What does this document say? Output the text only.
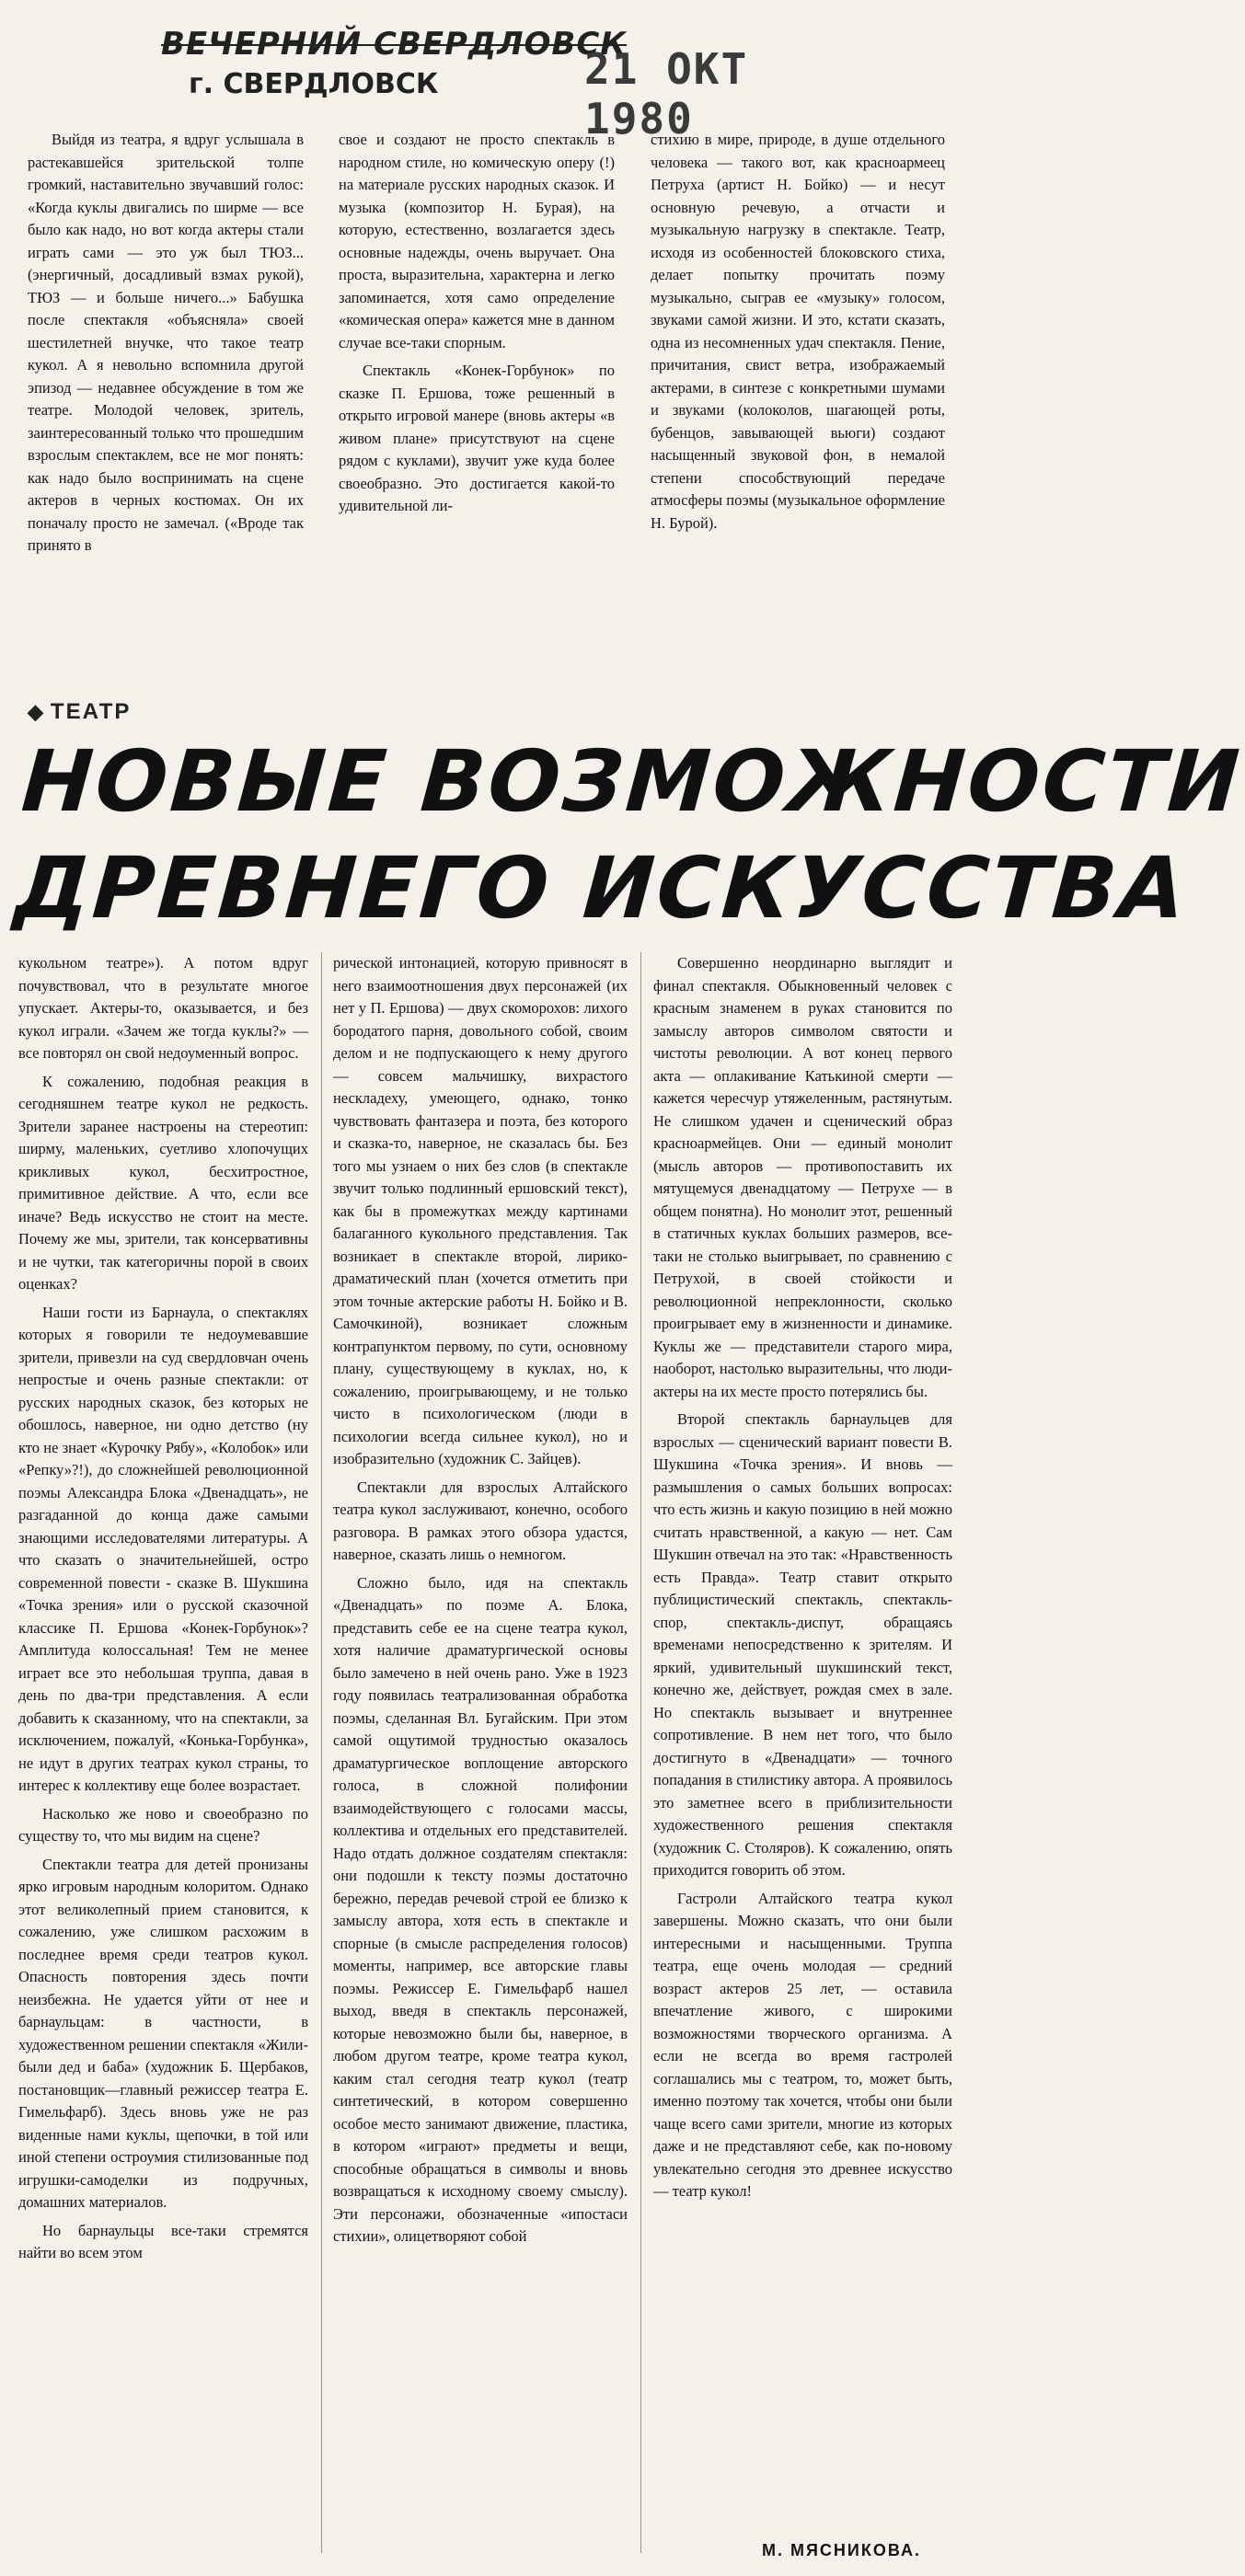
ВЕЧЕРНИЙ СВЕРДЛОВСК
г. СВЕРДЛОВСК	21 ОКТ 1980

Выйдя из театра, я вдруг услышала в растекавшейся зрительской толпе громкий, наставительно звучавший голос: «Когда куклы двигались по ширме — все было как надо, но вот когда актеры стали играть сами — это уж был ТЮЗ... (энергичный, досадливый взмах рукой), ТЮЗ — и больше ничего...» Бабушка после спектакля «объясняла» своей шестилетней внучке, что такое театр кукол. А я невольно вспомнила другой эпизод — недавнее обсуждение в том же театре. Молодой человек, зритель, заинтересованный только что прошедшим взрослым спектаклем, все не мог понять: как надо было воспринимать на сцене актеров в черных костюмах. Он их поначалу просто не замечал. («Вроде так принято в

свое и создают не просто спектакль в народном стиле, но комическую оперу (!) на материале русских народных сказок. И музыка (композитор Н. Бурая), на которую, естественно, возлагается здесь основные надежды, очень выручает. Она проста, выразительна, характерна и легко запоминается, хотя само определение «комическая опера» кажется мне в данном случае все-таки спорным.

Спектакль «Конек-Горбунок» по сказке П. Ершова, тоже решенный в открыто игровой манере (вновь актеры «в живом плане» присутствуют на сцене рядом с куклами), звучит уже куда более своеобразно. Это достигается какой-то удивительной ли-

стихию в мире, природе, в душе отдельного человека — такого вот, как красноармеец Петруха (артист Н. Бойко) — и несут основную речевую, а отчасти и музыкальную нагрузку в спектакле. Театр, исходя из особенностей блоковского стиха, делает попытку прочитать поэму музыкально, сыграв ее «музыку» голосом, звуками самой жизни. И это, кстати сказать, одна из несомненных удач спектакля. Пение, причитания, свист ветра, изображаемый актерами, в синтезе с конкретными шумами и звуками (колоколов, шагающей роты, бубенцов, завывающей вьюги) создают насыщенный звуковой фон, в немалой степени способствующий передаче атмосферы поэмы (музыкальное оформление Н. Бурой).

◆ ТЕАТР
НОВЫЕ ВОЗМОЖНОСТИ
ДРЕВНЕГО ИСКУССТВА

кукольном театре»). А потом вдруг почувствовал, что в результате многое упускает. Актеры-то, оказывается, и без кукол играли. «Зачем же тогда куклы?» — все повторял он свой недоуменный вопрос.

К сожалению, подобная реакция в сегодняшнем театре кукол не редкость. Зрители заранее настроены на стереотип: ширму, маленьких, суетливо хлопочущих крикливых кукол, бесхитростное, примитивное действие. А что, если все иначе? Ведь искусство не стоит на месте. Почему же мы, зрители, так консервативны и не чутки, так категоричны порой в своих оценках?

Наши гости из Барнаула, о спектаклях которых я говорили те недоумевавшие зрители, привезли на суд свердловчан очень непростые и очень разные спектакли: от русских народных сказок, без которых не обошлось, наверное, ни одно детство (ну кто не знает «Курочку Рябу», «Колобок» или «Репку»?!), до сложнейшей революционной поэмы Александра Блока «Двенадцать», не разгаданной до конца даже самыми знающими исследователями литературы. А что сказать о значительнейшей, остро современной повести - сказке В. Шукшина «Точка зрения» или о русской сказочной классике П. Ершова «Конек-Горбунок»? Амплитуда колоссальная! Тем не менее играет все это небольшая труппа, давая в день по два-три представления. А если добавить к сказанному, что на спектакли, за исключением, пожалуй, «Конька-Горбунка», не идут в других театрах кукол страны, то интерес к коллективу еще более возрастает.

Насколько же ново и своеобразно по существу то, что мы видим на сцене?

Спектакли театра для детей пронизаны ярко игровым народным колоритом. Однако этот великолепный прием становится, к сожалению, уже слишком расхожим в последнее время среди театров кукол. Опасность повторения здесь почти неизбежна. Не удается уйти от нее и барнаульцам: в частности, в художественном решении спектакля «Жили-были дед и баба» (художник Б. Щербаков, постановщик—главный режиссер театра Е. Гимельфарб). Здесь вновь уже не раз виденные нами куклы, щепочки, в той или иной степени остроумия стилизованные под игрушки-самоделки из подручных, домашних материалов.

Но барнаульцы все-таки стремятся найти во всем этом

рической интонацией, которую привносят в него взаимоотношения двух персонажей (их нет у П. Ершова) — двух скоморохов: лихого бородатого парня, довольного собой, своим делом и не подпускающего к нему другого — совсем мальчишку, вихрастого нескладеху, умеющего, однако, тонко чувствовать фантазера и поэта, без которого и сказка-то, наверное, не сказалась бы. Без того мы узнаем о них без слов (в спектакле звучит только подлинный ершовский текст), как бы в промежутках между картинами балаганного кукольного представления. Так возникает в спектакле второй, лирико-драматический план (хочется отметить при этом точные актерские работы Н. Бойко и В. Самочкиной), возникает сложным контрапунктом первому, по сути, основному плану, существующему в куклах, но, к сожалению, проигрывающему, и не только чисто в психологическом (люди в психологии всегда сильнее кукол), но и изобразительно (художник С. Зайцев).

Спектакли для взрослых Алтайского театра кукол заслуживают, конечно, особого разговора. В рамках этого обзора удастся, наверное, сказать лишь о немногом.

Сложно было, идя на спектакль «Двенадцать» по поэме А. Блока, представить себе ее на сцене театра кукол, хотя наличие драматургической основы было замечено в ней очень рано. Уже в 1923 году появилась театрализованная обработка поэмы, сделанная Вл. Бугайским. При этом самой ощутимой трудностью оказалось драматургическое воплощение авторского голоса, в сложной полифонии взаимодействующего с голосами массы, коллектива и отдельных его представителей. Надо отдать должное создателям спектакля: они подошли к тексту поэмы достаточно бережно, передав речевой строй ее близко к замыслу автора, хотя есть в спектакле и спорные (в смысле распределения голосов) моменты, например, все авторские главы поэмы. Режиссер Е. Гимельфарб нашел выход, введя в спектакль персонажей, которые невозможно были бы, наверное, в любом другом театре, кроме театра кукол, каким стал сегодня театр кукол (театр синтетический, в котором совершенно особое место занимают движение, пластика, в котором «играют» предметы и вещи, способные обращаться в символы и вновь возвращаться к исходному своему смыслу). Эти персонажи, обозначенные «ипостаси стихии», олицетворяют собой

Совершенно неординарно выглядит и финал спектакля. Обыкновенный человек с красным знаменем в руках становится по замыслу авторов символом святости и чистоты революции. А вот конец первого акта — оплакивание Катькиной смерти — кажется чересчур утяжеленным, растянутым. Не слишком удачен и сценический образ красноармейцев. Они — единый монолит (мысль авторов — противопоставить их мятущемуся двенадцатому — Петрухе — в общем понятна). Но монолит этот, решенный в статичных куклах больших размеров, все-таки не столько выигрывает, по сравнению с Петрухой, в своей стойкости и революционной непреклонности, сколько проигрывает ему в жизненности и динамике. Куклы же — представители старого мира, наоборот, настолько выразительны, что люди-актеры на их месте просто потерялись бы.

Второй спектакль барнаульцев для взрослых — сценический вариант повести В. Шукшина «Точка зрения». И вновь — размышления о самых больших вопросах: что есть жизнь и какую позицию в ней можно считать нравственной, а какую — нет. Сам Шукшин отвечал на это так: «Нравственность есть Правда». Театр ставит открыто публицистический спектакль, спектакль-спор, спектакль-диспут, обращаясь временами непосредственно к зрителям. И яркий, удивительный шукшинский текст, конечно же, действует, рождая смех в зале. Но спектакль вызывает и внутреннее сопротивление. В нем нет того, что было достигнуто в «Двенадцати» — точного попадания в стилистику автора. А проявилось это заметнее всего в приблизительности художественного решения спектакля (художник С. Столяров). К сожалению, опять приходится говорить об этом.

Гастроли Алтайского театра кукол завершены. Можно сказать, что они были интересными и насыщенными. Труппа театра, еще очень молодая — средний возраст актеров 25 лет, — оставила впечатление живого, с широкими возможностями творческого организма. А если не всегда во время гастролей соглашались мы с театром, то, может быть, именно поэтому так хочется, чтобы они были чаще всего сами зрители, многие из которых даже и не представляют себе, как по-новому увлекательно сегодня это древнее искусство — театр кукол!

М. МЯСНИКОВА.
